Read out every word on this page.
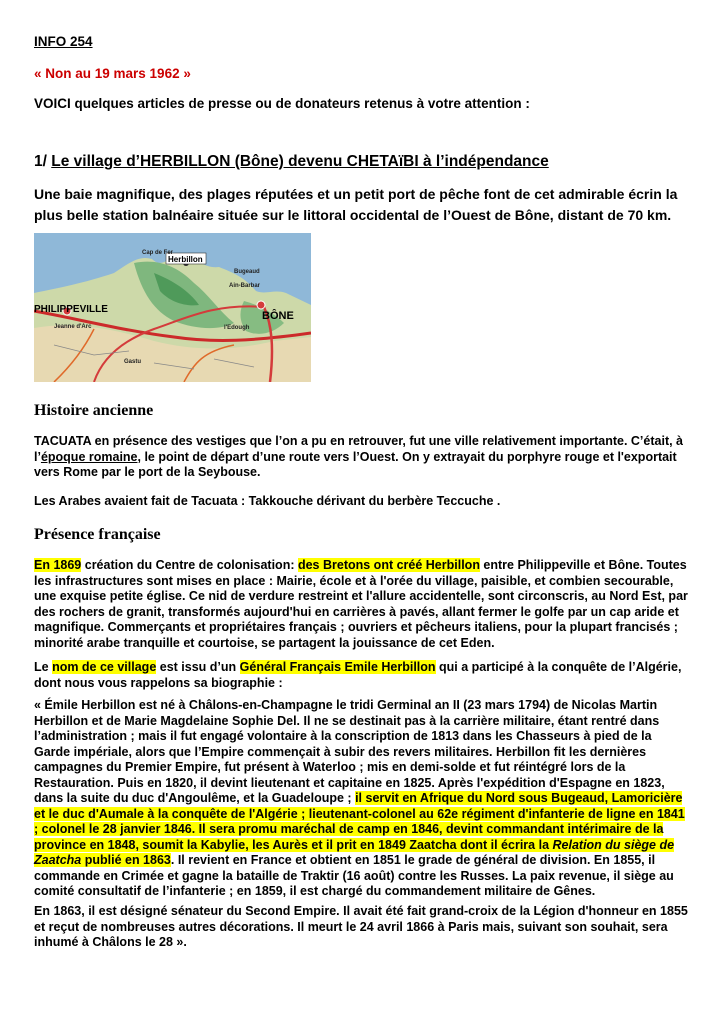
INFO 254
« Non au 19 mars 1962 »
VOICI quelques articles de presse ou de donateurs retenus à votre attention :
1/ Le village d’HERBILLON (Bône) devenu CHETAïBI à l’indépendance
Une baie magnifique, des plages réputées et un petit port de pêche font de cet admirable écrin la plus belle station balnéaire située sur le littoral occidental de l’Ouest de Bône, distant de 70 km.
Herbillon
PHILIPPEVILLE
BÔNE
Cap de Fer
Ain-Barbar
l'Edough
Bugeaud
Jeanne d'Arc
Gastu
Histoire ancienne
TACUATA en présence des vestiges que l’on a pu en retrouver, fut une ville relativement importante. C’était, à l’époque romaine, le point de départ d’une route vers l’Ouest. On y extrayait du porphyre rouge et l'exportait vers Rome par le port de la Seybouse.
Les Arabes avaient fait de Tacuata : Takkouche dérivant du berbère Teccuche .
Présence française
En 1869 création du Centre de colonisation: des Bretons ont créé Herbillon entre Philippeville et Bône. Toutes les infrastructures sont mises en place : Mairie, école et à l'orée du village, paisible, et combien secourable, une exquise petite église. Ce nid de verdure restreint et l'allure accidentelle, sont circonscris, au Nord Est, par des rochers de granit, transformés aujourd'hui en carrières à pavés, allant fermer le golfe par un cap aride et magnifique. Commerçants et propriétaires français ; ouvriers et pêcheurs italiens, pour la plupart francisés ; minorité arabe tranquille et courtoise, se partagent la jouissance de cet Eden.
Le nom de ce village est issu d’un Général Français Emile Herbillon qui a participé à la conquête de l’Algérie, dont nous vous rappelons sa biographie :
« Émile Herbillon est né à Châlons-en-Champagne le tridi Germinal an II (23 mars 1794) de Nicolas Martin Herbillon et de Marie Magdelaine Sophie Del. Il ne se destinait pas à la carrière militaire, étant rentré dans l’administration ; mais il fut engagé volontaire à la conscription de 1813 dans les Chasseurs à pied de la Garde impériale, alors que l’Empire commençait à subir des revers militaires. Herbillon fit les dernières campagnes du Premier Empire, fut présent à Waterloo ; mis en demi-solde et fut réintégré lors de la Restauration. Puis en 1820, il devint lieutenant et capitaine en 1825. Après l'expédition d'Espagne en 1823, dans la suite du duc d'Angoulême, et la Guadeloupe ; il servit en Afrique du Nord sous Bugeaud, Lamoricière et le duc d'Aumale à la conquête de l'Algérie ; lieutenant-colonel au 62e régiment d'infanterie de ligne en 1841 ; colonel le 28 janvier 1846. Il sera promu maréchal de camp en 1846, devint commandant intérimaire de la province en 1848, soumit la Kabylie, les Aurès et il prit en 1849 Zaatcha dont il écrira la Relation du siège de Zaatcha publié en 1863. Il revient en France et obtient en 1851 le grade de général de division. En 1855, il commande en Crimée et gagne la bataille de Traktir (16 août) contre les Russes. La paix revenue, il siège au comité consultatif de l’infanterie ; en 1859, il est chargé du commandement militaire de Gênes.
En 1863, il est désigné sénateur du Second Empire. Il avait été fait grand-croix de la Légion d'honneur en 1855 et reçut de nombreuses autres décorations. Il meurt le 24 avril 1866 à Paris mais, suivant son souhait, sera inhumé à Châlons le 28 ».
